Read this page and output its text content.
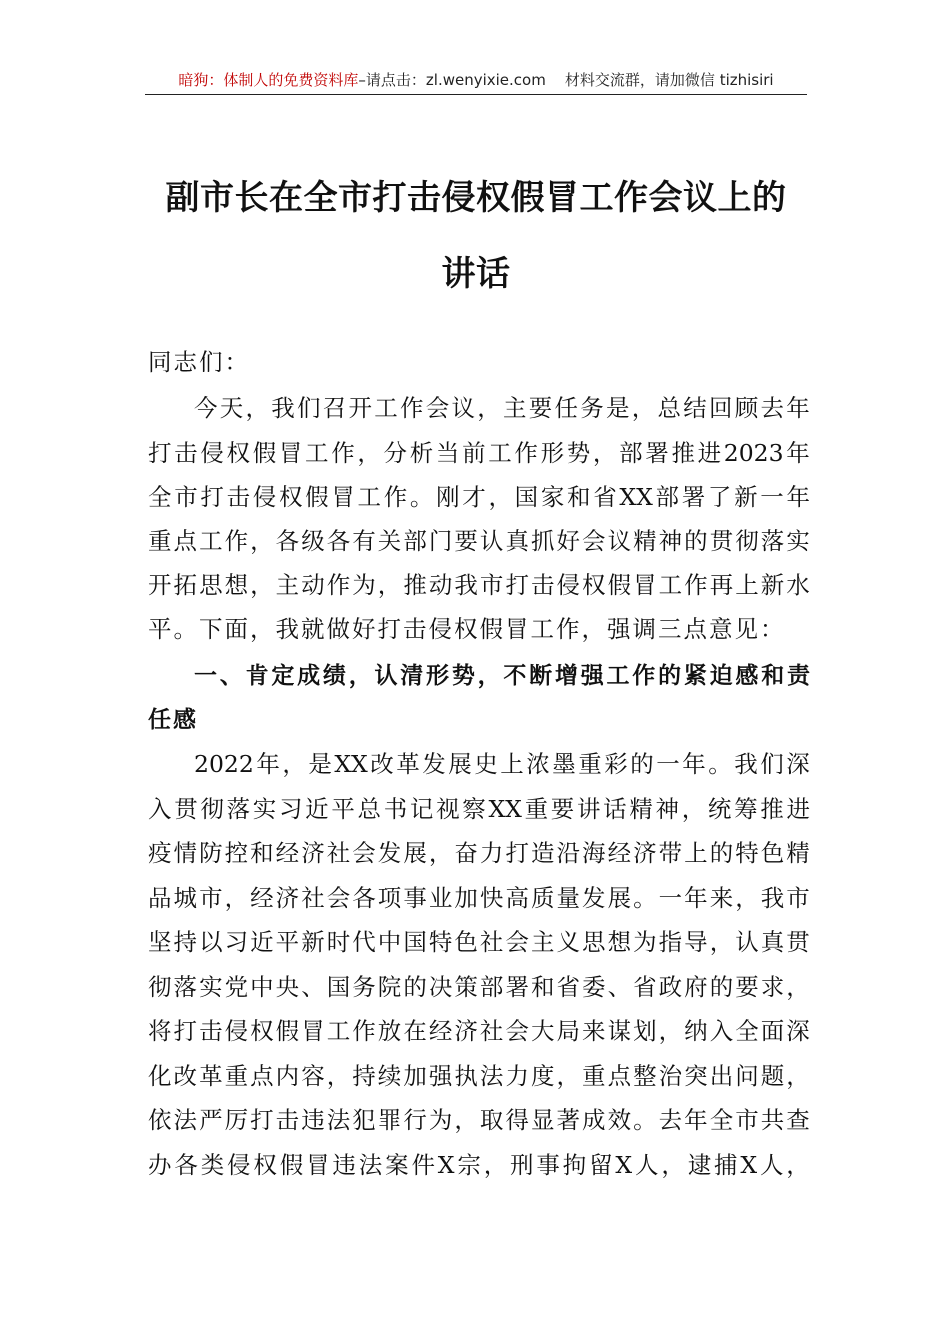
暗狗：体制人的免费资料库–请点击：zl.wenyixie.com 材料交流群，请加微信 tizhisiri
副市长在全市打击侵权假冒工作会议上的
讲话
同志们：
今 天 ， 我 们 召 开 工 作 会 议 ， 主 要 任 务 是 ， 总 结 回 顾 去 年
打 击 侵 权 假 冒 工 作 ， 分 析 当 前 工 作 形 势 ， 部 署 推 进 2023 年
全 市 打 击 侵 权 假 冒 工 作 。 刚 才 ， 国 家 和 省 XX 部 署 了 新 一 年
重 点 工 作 ， 各 级 各 有 关 部 门 要 认 真 抓 好 会 议 精 神 的 贯 彻 落 实
开 拓 思 想 ， 主 动 作 为 ， 推 动 我 市 打 击 侵 权 假 冒 工 作 再 上 新 水
平。下面，我就做好打击侵权假冒工作，强调三点意见：
一 、 肯 定 成 绩 ， 认 清 形 势 ， 不 断 增 强 工 作 的 紧 迫 感 和 责
任感
2022 年 ， 是 XX 改 革 发 展 史 上 浓 墨 重 彩 的 一 年 。 我 们 深
入 贯 彻 落 实 习 近 平 总 书 记 视 察 XX 重 要 讲 话 精 神 ， 统 筹 推 进
疫 情 防 控 和 经 济 社 会 发 展 ， 奋 力 打 造 沿 海 经 济 带 上 的 特 色 精
品 城 市 ， 经 济 社 会 各 项 事 业 加 快 高 质 量 发 展 。 一 年 来 ， 我 市
坚 持 以 习 近 平 新 时 代 中 国 特 色 社 会 主 义 思 想 为 指 导 ， 认 真 贯
彻 落 实 党 中 央 、 国 务 院 的 决 策 部 署 和 省 委 、 省 政 府 的 要 求 ，
将 打 击 侵 权 假 冒 工 作 放 在 经 济 社 会 大 局 来 谋 划 ， 纳 入 全 面 深
化 改 革 重 点 内 容 ， 持 续 加 强 执 法 力 度 ， 重 点 整 治 突 出 问 题 ，
依 法 严 厉 打 击 违 法 犯 罪 行 为 ， 取 得 显 著 成 效 。 去 年 全 市 共 查
办 各 类 侵 权 假 冒 违 法 案 件 X 宗 ， 刑 事 拘 留 X 人 ， 逮 捕 X 人 ，
